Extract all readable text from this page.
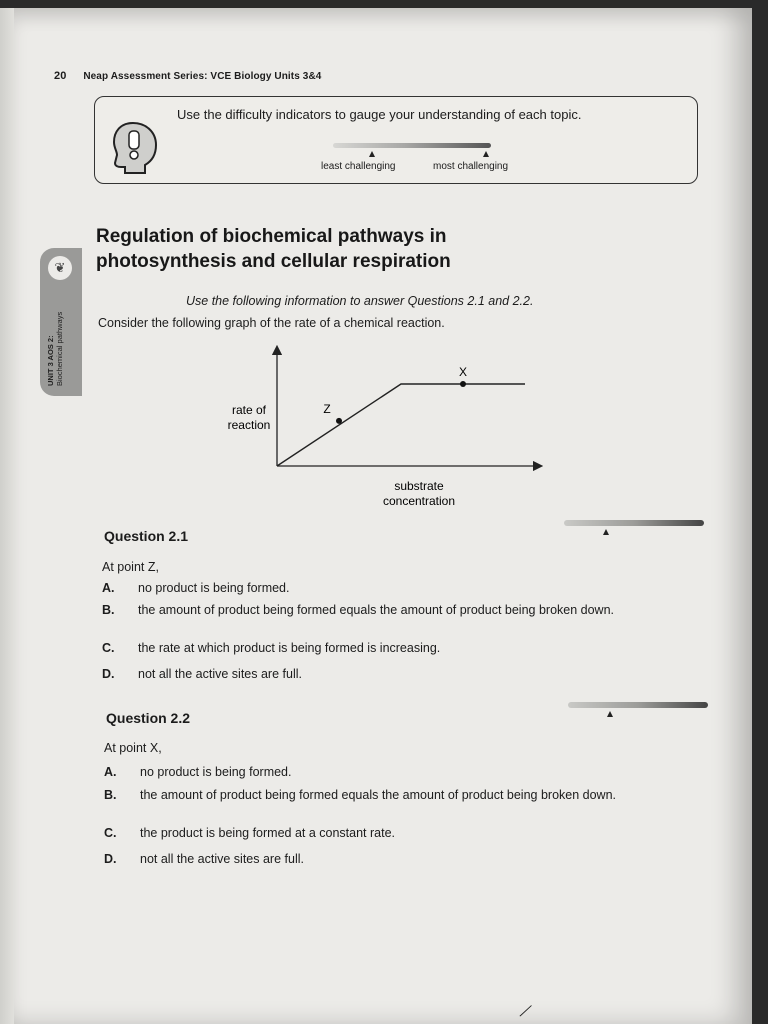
20 Neap Assessment Series: VCE Biology Units 3&4
Use the difficulty indicators to gauge your understanding of each topic.
least challenging	most challenging
❦
UNIT 3 AOS 2: Biochemical pathways
Regulation of biochemical pathways in
photosynthesis and cellular respiration
Use the following information to answer Questions 2.1 and 2.2.
Consider the following graph of the rate of a chemical reaction.
rate of
reaction
substrate
concentration
Z
X
Question 2.1
At point Z,
A.	no product is being formed.
B.	the amount of product being formed equals the amount of product being broken down.
C.	the rate at which product is being formed is increasing.
D.	not all the active sites are full.
Question 2.2
At point X,
A.	no product is being formed.
B.	the amount of product being formed equals the amount of product being broken down.
C.	the product is being formed at a constant rate.
D.	not all the active sites are full.
╱
